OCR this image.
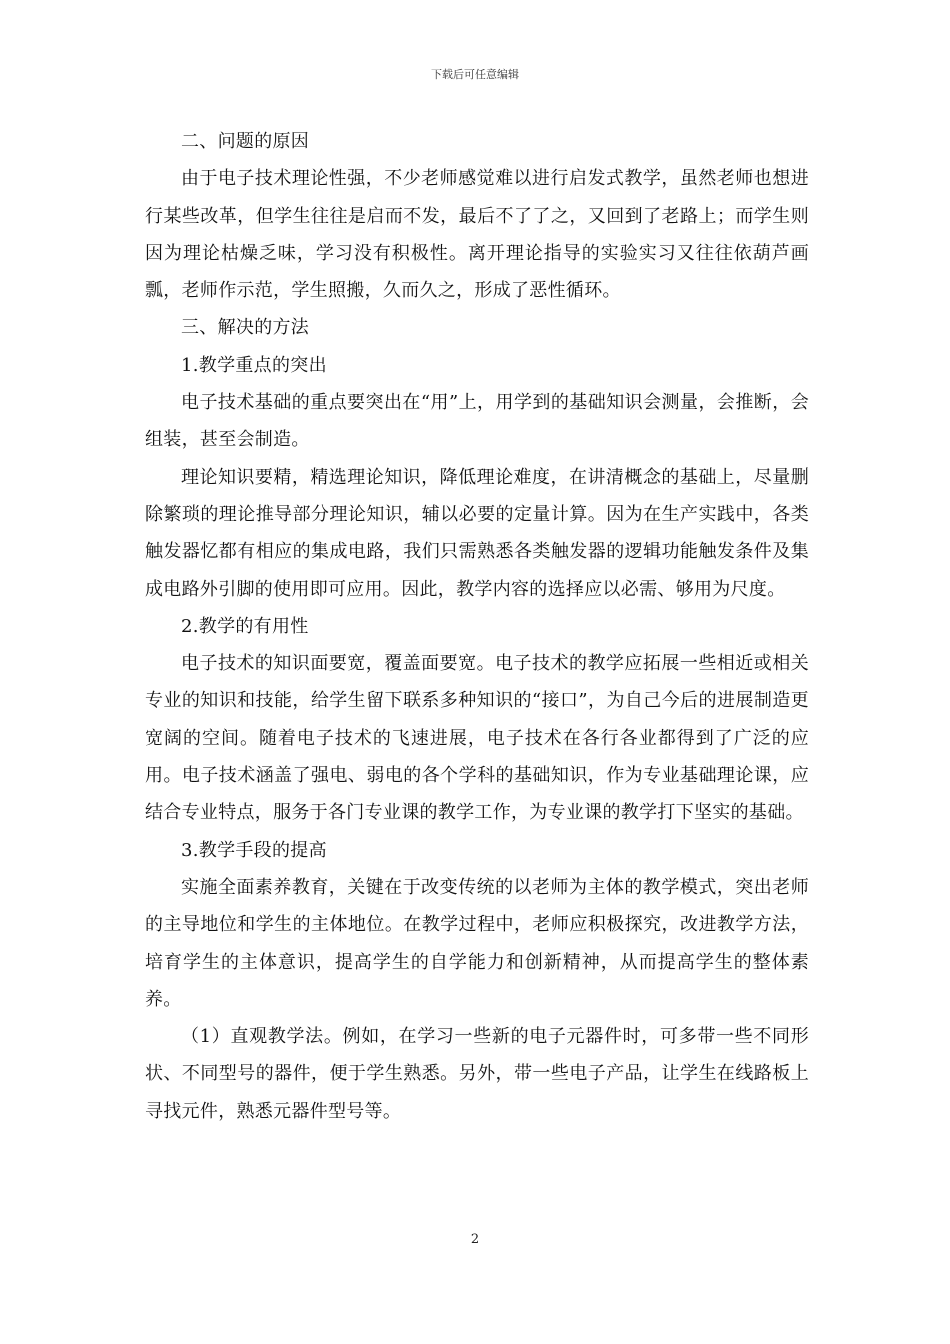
下载后可任意编辑

二、问题的原因

由于电子技术理论性强，不少老师感觉难以进行启发式教学，虽然老师也想进行某些改革，但学生往往是启而不发，最后不了了之，又回到了老路上；而学生则因为理论枯燥乏味，学习没有积极性。离开理论指导的实验实习又往往依葫芦画瓢，老师作示范，学生照搬，久而久之，形成了恶性循环。

三、解决的方法

1.教学重点的突出

电子技术基础的重点要突出在“用”上，用学到的基础知识会测量，会推断，会组装，甚至会制造。

理论知识要精，精选理论知识，降低理论难度，在讲清概念的基础上，尽量删除繁琐的理论推导部分理论知识，辅以必要的定量计算。因为在生产实践中，各类触发器忆都有相应的集成电路，我们只需熟悉各类触发器的逻辑功能触发条件及集成电路外引脚的使用即可应用。因此，教学内容的选择应以必需、够用为尺度。

2.教学的有用性

电子技术的知识面要宽，覆盖面要宽。电子技术的教学应拓展一些相近或相关专业的知识和技能，给学生留下联系多种知识的“接口”，为自己今后的进展制造更宽阔的空间。随着电子技术的飞速进展，电子技术在各行各业都得到了广泛的应用。电子技术涵盖了强电、弱电的各个学科的基础知识，作为专业基础理论课，应结合专业特点，服务于各门专业课的教学工作，为专业课的教学打下坚实的基础。

3.教学手段的提高

实施全面素养教育，关键在于改变传统的以老师为主体的教学模式，突出老师的主导地位和学生的主体地位。在教学过程中，老师应积极探究，改进教学方法，培育学生的主体意识，提高学生的自学能力和创新精神，从而提高学生的整体素养。

（1）直观教学法。例如，在学习一些新的电子元器件时，可多带一些不同形状、不同型号的器件，便于学生熟悉。另外，带一些电子产品，让学生在线路板上寻找元件，熟悉元器件型号等。

2
